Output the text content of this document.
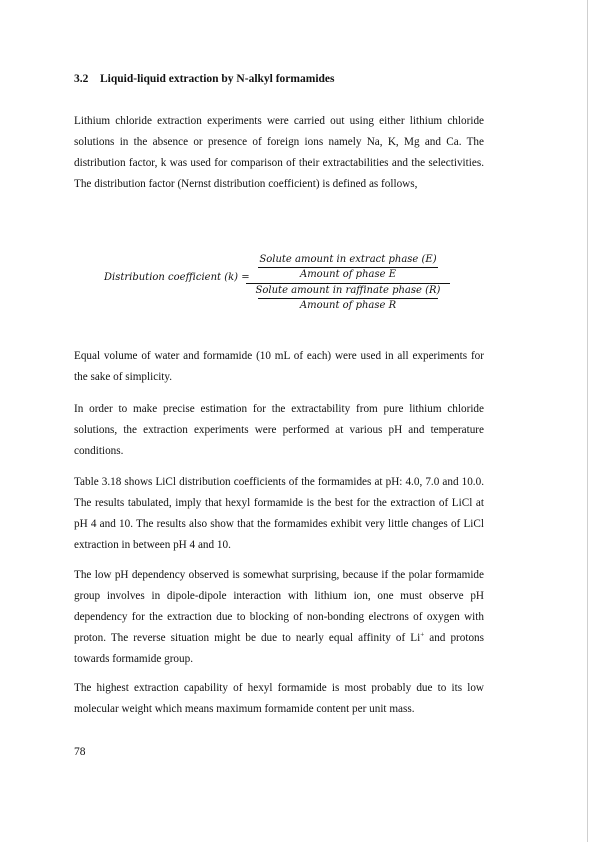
3.2 Liquid-liquid extraction by N-alkyl formamides

Lithium chloride extraction experiments were carried out using either lithium chloride solutions in the absence or presence of foreign ions namely Na, K, Mg and Ca. The distribution factor, k was used for comparison of their extractabilities and the selectivities. The distribution factor (Nernst distribution coefficient) is defined as follows,

Distribution coefficient (k) =
Solute amount in extract phase (E)
Amount of phase E
Solute amount in raffinate phase (R)
Amount of phase R

Equal volume of water and formamide (10 mL of each) were used in all experiments for the sake of simplicity.

In order to make precise estimation for the extractability from pure lithium chloride solutions, the extraction experiments were performed at various pH and temperature conditions.

Table 3.18 shows LiCl distribution coefficients of the formamides at pH: 4.0, 7.0 and 10.0. The results tabulated, imply that hexyl formamide is the best for the extraction of LiCl at pH 4 and 10. The results also show that the formamides exhibit very little changes of LiCl extraction in between pH 4 and 10.

The low pH dependency observed is somewhat surprising, because if the polar formamide group involves in dipole-dipole interaction with lithium ion, one must observe pH dependency for the extraction due to blocking of non-bonding electrons of oxygen with proton. The reverse situation might be due to nearly equal affinity of Li+ and protons towards formamide group.

The highest extraction capability of hexyl formamide is most probably due to its low molecular weight which means maximum formamide content per unit mass.

78
